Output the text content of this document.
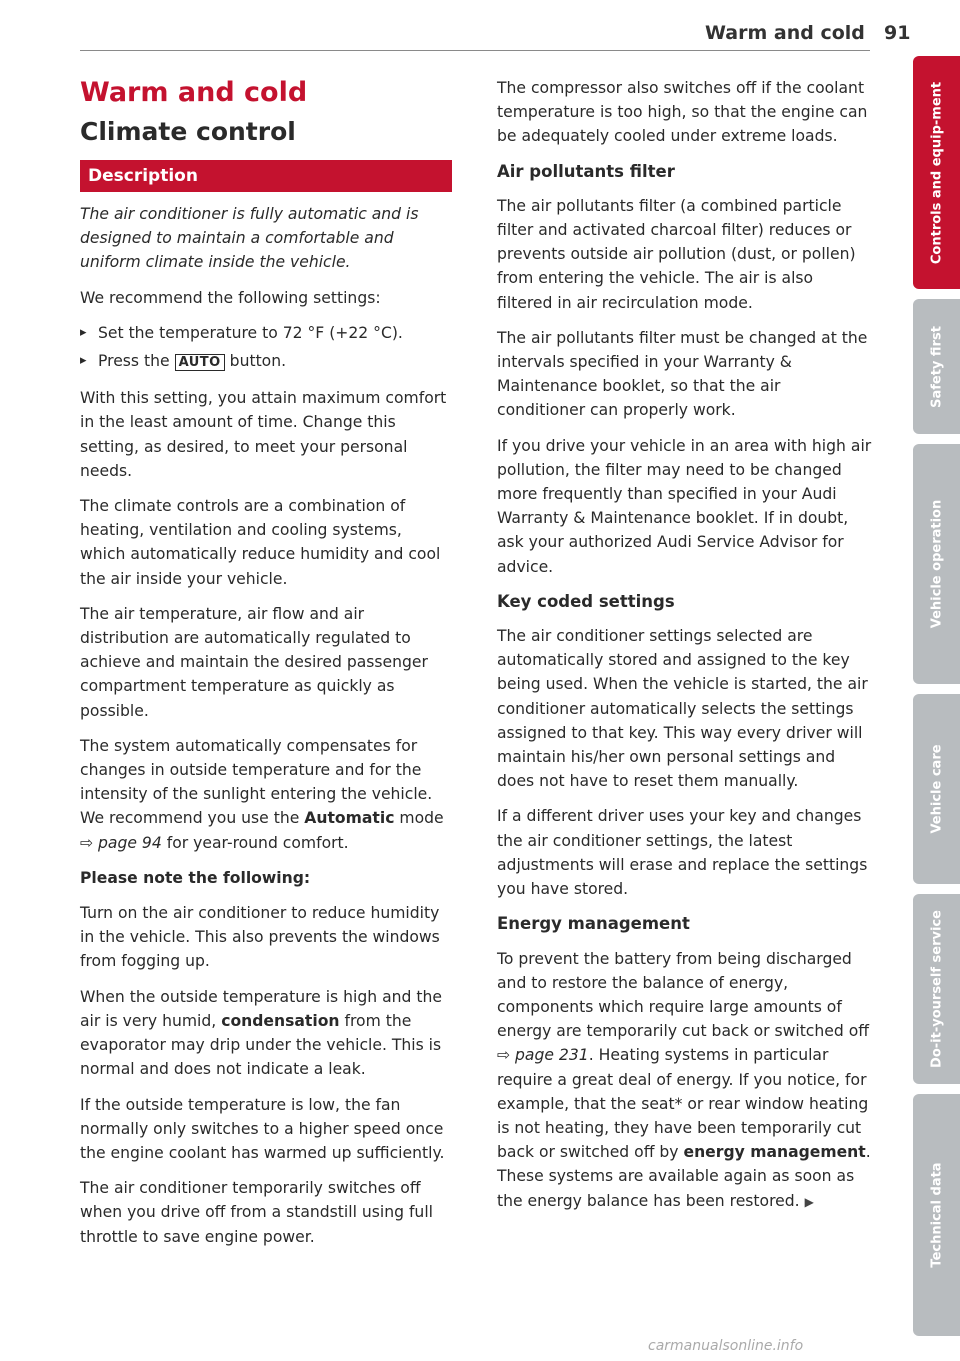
Warm and cold 91
Warm and cold
Climate control
Description

The air conditioner is fully automatic and is designed to maintain a comfortable and uniform climate inside the vehicle.

We recommend the following settings:

▸ Set the temperature to 72 °F (+22 °C).
▸ Press the AUTO button.

With this setting, you attain maximum comfort in the least amount of time. Change this setting, as desired, to meet your personal needs.

The climate controls are a combination of heating, ventilation and cooling systems, which automatically reduce humidity and cool the air inside your vehicle.

The air temperature, air flow and air distribution are automatically regulated to achieve and maintain the desired passenger compartment temperature as quickly as possible.

The system automatically compensates for changes in outside temperature and for the intensity of the sunlight entering the vehicle. We recommend you use the Automatic mode ⇨ page 94 for year-round comfort.

Please note the following:

Turn on the air conditioner to reduce humidity in the vehicle. This also prevents the windows from fogging up.

When the outside temperature is high and the air is very humid, condensation from the evaporator may drip under the vehicle. This is normal and does not indicate a leak.

If the outside temperature is low, the fan normally only switches to a higher speed once the engine coolant has warmed up sufficiently.

The air conditioner temporarily switches off when you drive off from a standstill using full throttle to save engine power.

The compressor also switches off if the coolant temperature is too high, so that the engine can be adequately cooled under extreme loads.

Air pollutants filter

The air pollutants filter (a combined particle filter and activated charcoal filter) reduces or prevents outside air pollution (dust, or pollen) from entering the vehicle. The air is also filtered in air recirculation mode.

The air pollutants filter must be changed at the intervals specified in your Warranty & Maintenance booklet, so that the air conditioner can properly work.

If you drive your vehicle in an area with high air pollution, the filter may need to be changed more frequently than specified in your Audi Warranty & Maintenance booklet. If in doubt, ask your authorized Audi Service Advisor for advice.

Key coded settings

The air conditioner settings selected are automatically stored and assigned to the key being used. When the vehicle is started, the air conditioner automatically selects the settings assigned to that key. This way every driver will maintain his/her own personal settings and does not have to reset them manually.

If a different driver uses your key and changes the air conditioner settings, the latest adjustments will erase and replace the settings you have stored.

Energy management

To prevent the battery from being discharged and to restore the balance of energy, components which require large amounts of energy are temporarily cut back or switched off ⇨ page 231. Heating systems in particular require a great deal of energy. If you notice, for example, that the seat* or rear window heating is not heating, they have been temporarily cut back or switched off by energy management. These systems are available again as soon as the energy balance has been restored. ▶

Controls and equip-ment
Safety first
Vehicle operation
Vehicle care
Do-it-yourself service
Technical data
carmanualsonline.info
